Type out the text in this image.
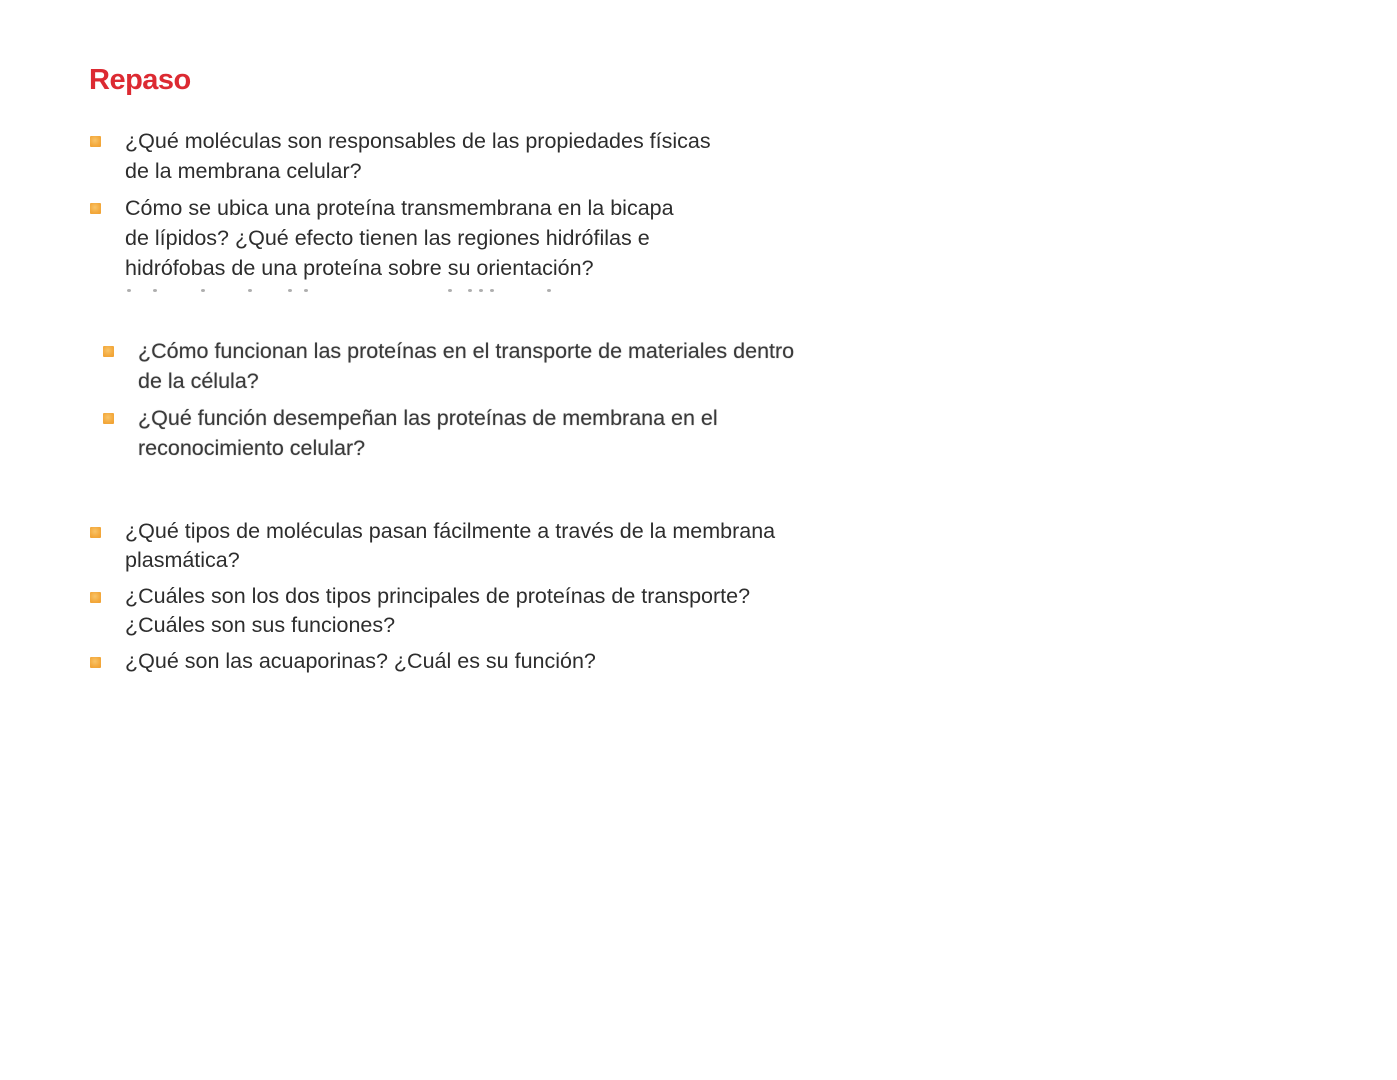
Repaso
¿Qué moléculas son responsables de las propiedades físicas
de la membrana celular?
Cómo se ubica una proteína transmembrana en la bicapa
de lípidos? ¿Qué efecto tienen las regiones hidrófilas e
hidrófobas de una proteína sobre su orientación?
¿Cómo funcionan las proteínas en el transporte de materiales dentro
de la célula?
¿Qué función desempeñan las proteínas de membrana en el
reconocimiento celular?
¿Qué tipos de moléculas pasan fácilmente a través de la membrana
plasmática?
¿Cuáles son los dos tipos principales de proteínas de transporte?
¿Cuáles son sus funciones?
¿Qué son las acuaporinas? ¿Cuál es su función?
